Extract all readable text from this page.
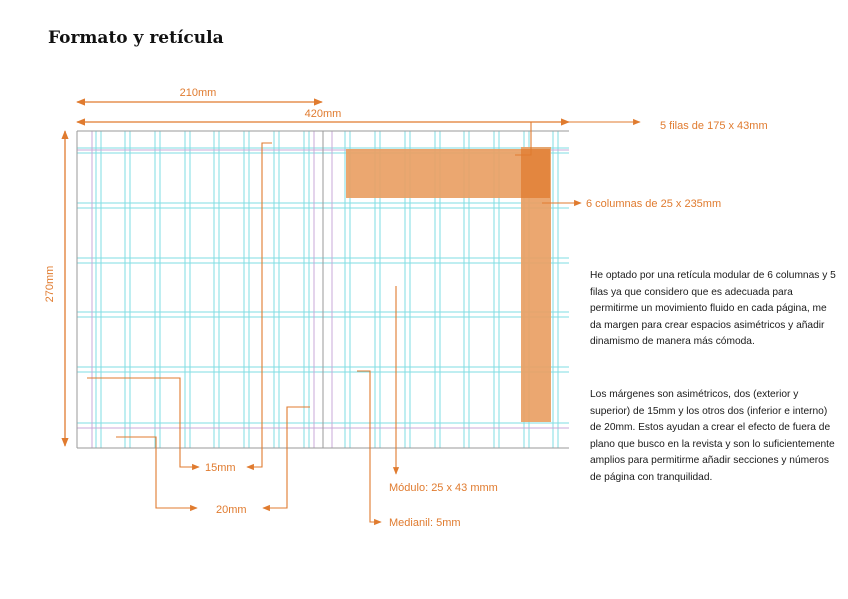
Formato y retícula
210mm
420mm
270mm
5 filas de 175 x 43mm
6 columnas de 25 x 235mm
15mm
20mm
Módulo: 25 x 43 mmm
Medianil: 5mm

He optado por una retícula modular de 6 columnas y 5 filas ya que considero que es adecuada para permitirme un movimiento fluido en cada página, me da margen para crear espacios asimétricos y añadir dinamismo de manera más cómoda.

Los márgenes son asimétricos, dos (exterior y superior) de 15mm y los otros dos (inferior e interno) de 20mm. Estos ayudan a crear el efecto de fuera de plano que busco en la revista y son lo suficientemente amplios para permitirme añadir secciones y números de página con tranquilidad.
